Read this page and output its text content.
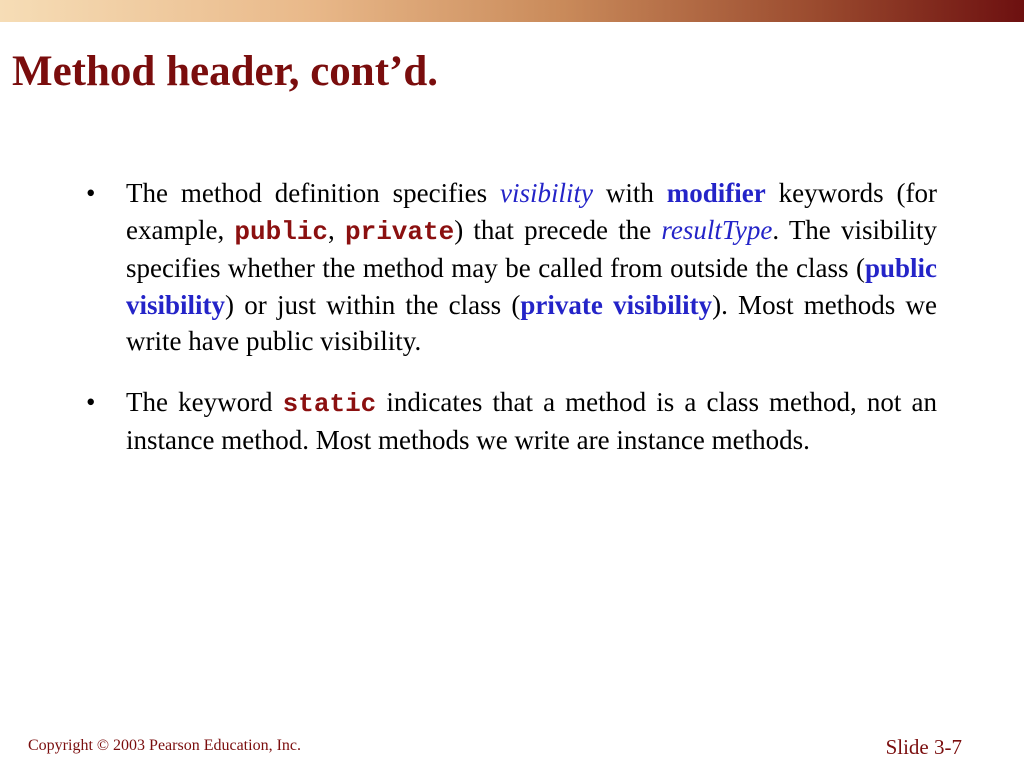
Method header, cont’d.
• The method definition specifies visibility with modifier keywords (for example, public, private) that precede the resultType. The visibility specifies whether the method may be called from outside the class (public visibility) or just within the class (private visibility). Most methods we write have public visibility.
• The keyword static indicates that a method is a class method, not an instance method. Most methods we write are instance methods.
Copyright © 2003 Pearson Education, Inc.	Slide 3-7
